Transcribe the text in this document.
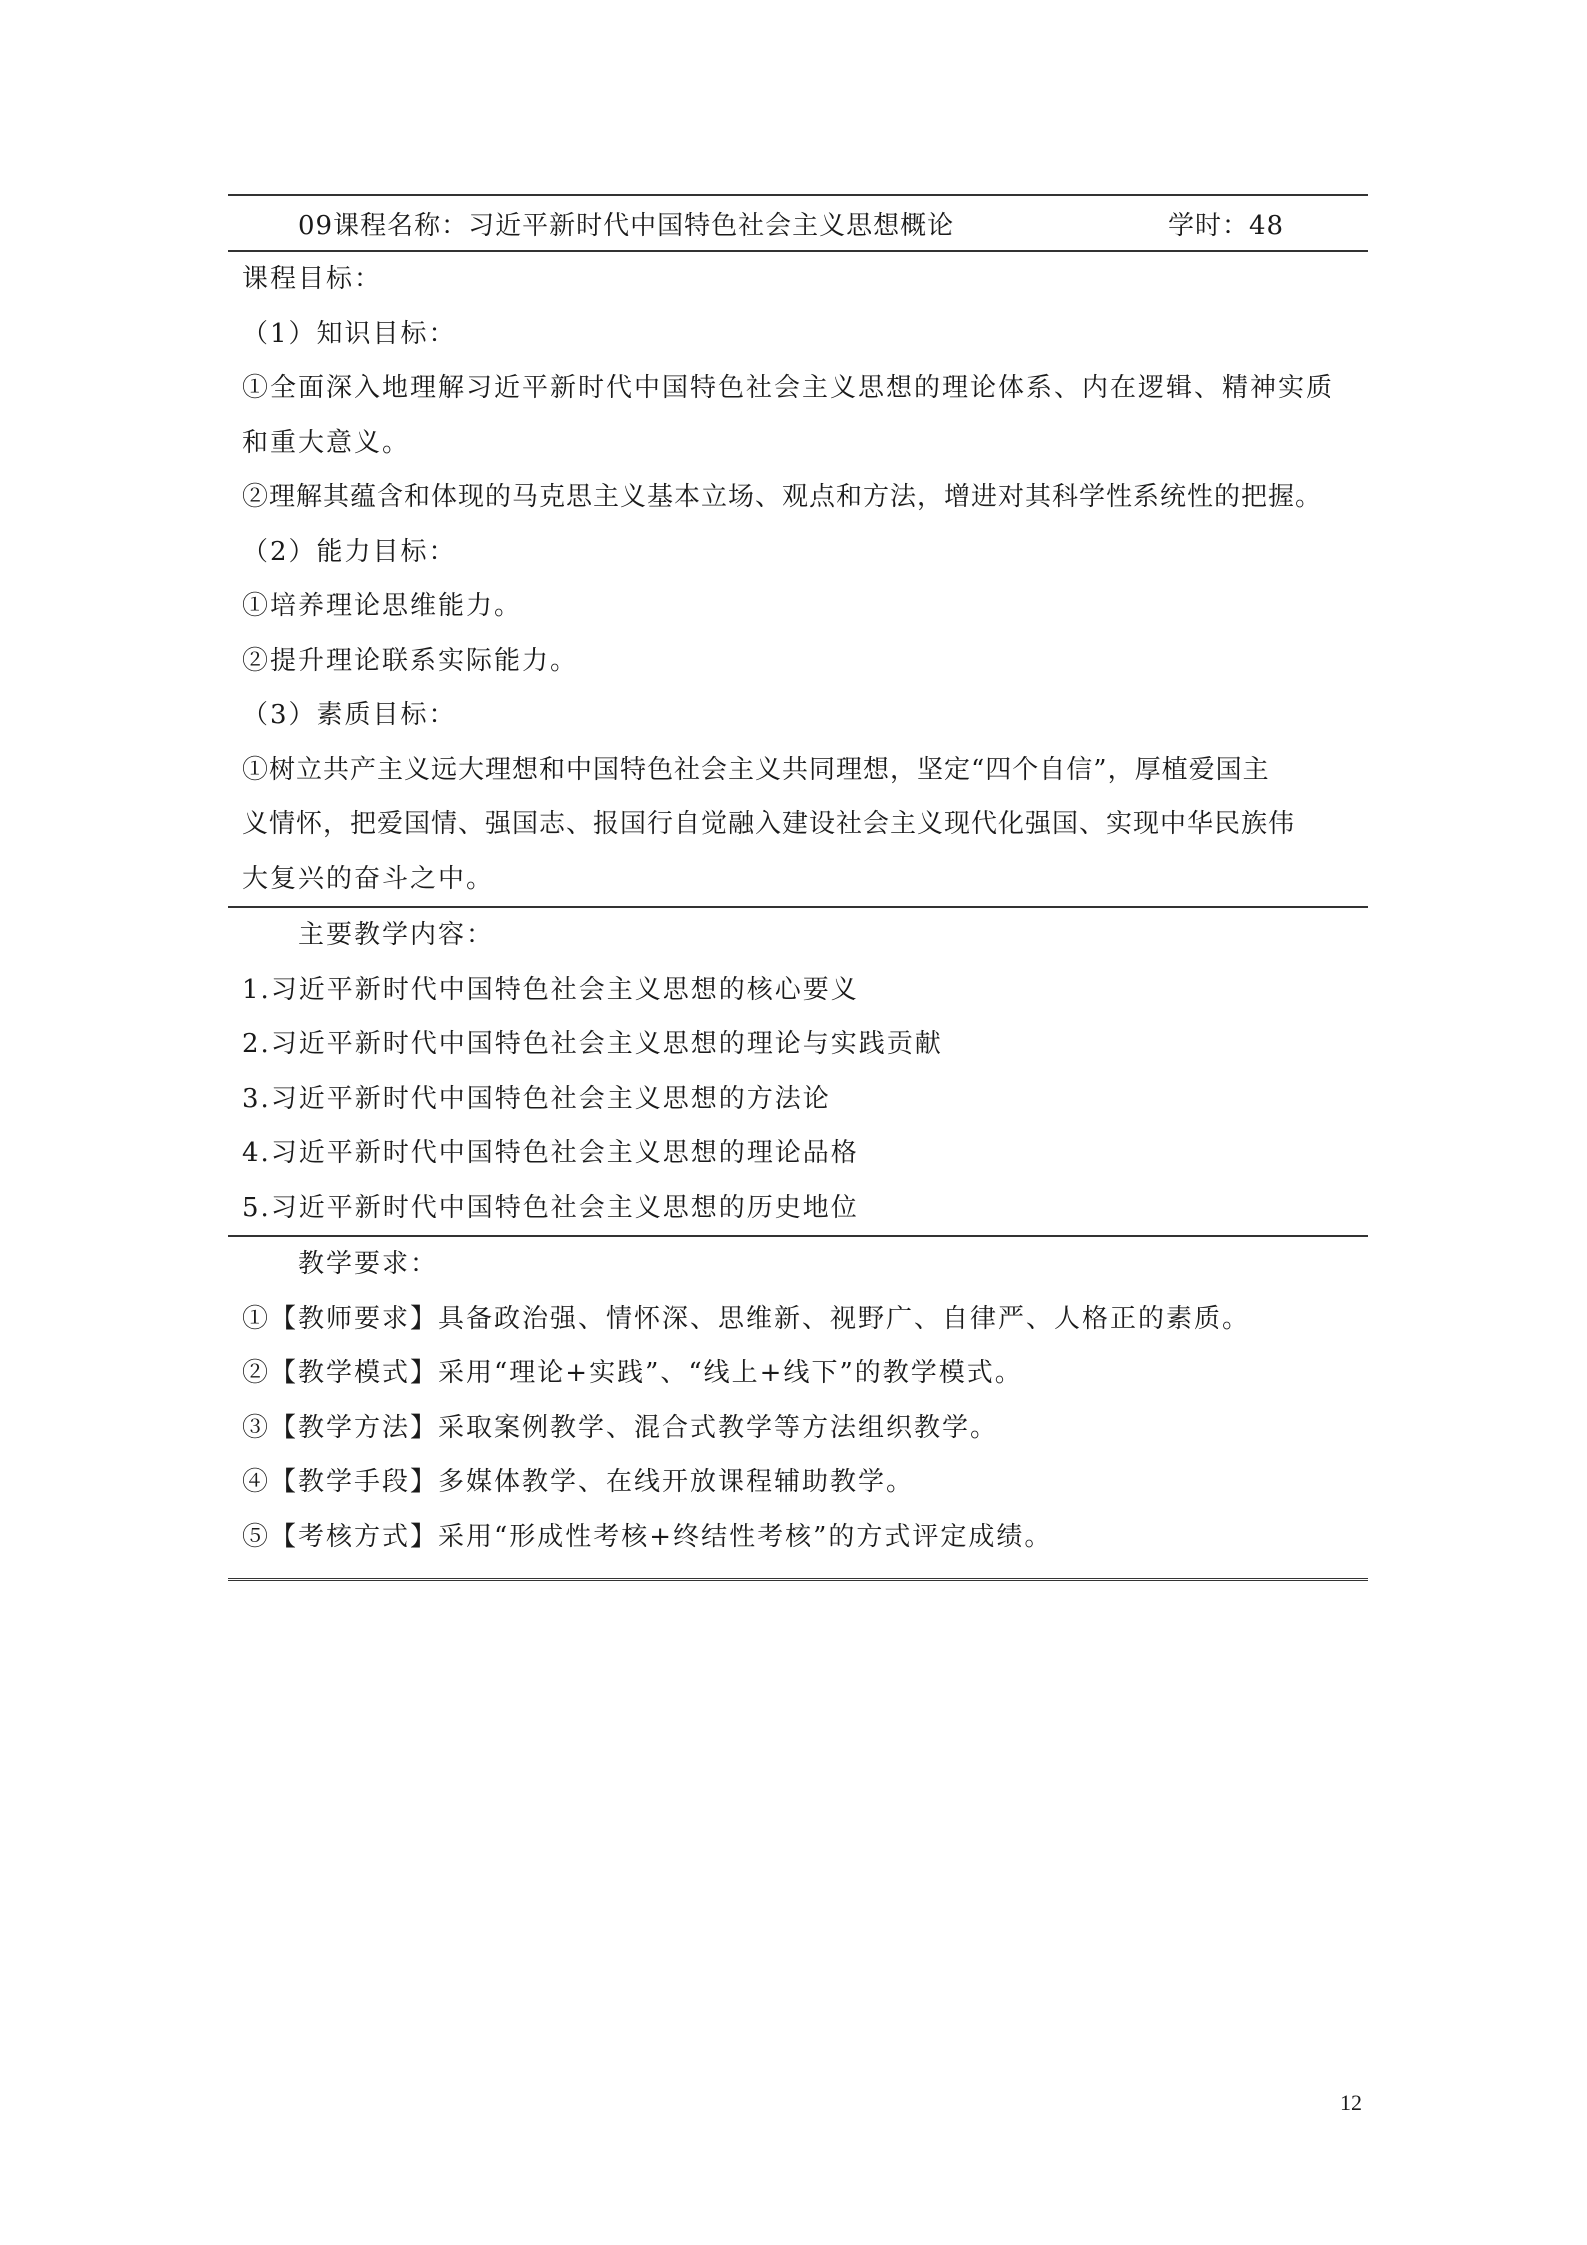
09课程名称：习近平新时代中国特色社会主义思想概论	学时：48
课程目标：
（1）知识目标：
①全面深入地理解习近平新时代中国特色社会主义思想的理论体系、内在逻辑、精神实质
和重大意义。
②理解其蕴含和体现的马克思主义基本立场、观点和方法，增进对其科学性系统性的把握。
（2）能力目标：
①培养理论思维能力。
②提升理论联系实际能力。
（3）素质目标：
①树立共产主义远大理想和中国特色社会主义共同理想，坚定“四个自信”，厚植爱国主
义情怀，把爱国情、强国志、报国行自觉融入建设社会主义现代化强国、实现中华民族伟
大复兴的奋斗之中。
主要教学内容：
1.习近平新时代中国特色社会主义思想的核心要义
2.习近平新时代中国特色社会主义思想的理论与实践贡献
3.习近平新时代中国特色社会主义思想的方法论
4.习近平新时代中国特色社会主义思想的理论品格
5.习近平新时代中国特色社会主义思想的历史地位
教学要求：
①【教师要求】具备政治强、情怀深、思维新、视野广、自律严、人格正的素质。
②【教学模式】采用“理论+实践”、“线上+线下”的教学模式。
③【教学方法】采取案例教学、混合式教学等方法组织教学。
④【教学手段】多媒体教学、在线开放课程辅助教学。
⑤【考核方式】采用“形成性考核+终结性考核”的方式评定成绩。
12
